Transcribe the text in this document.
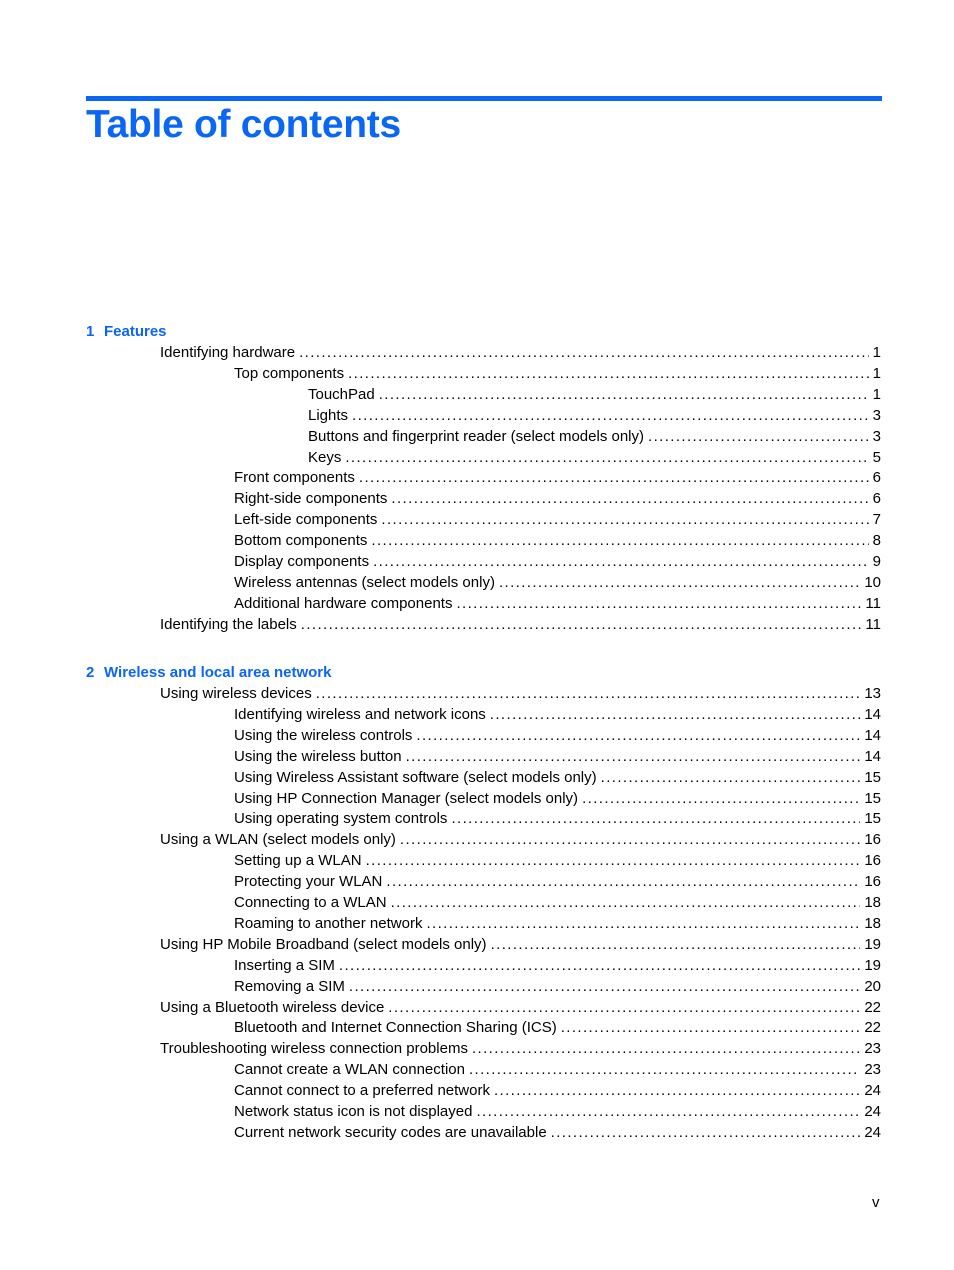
Table of contents
1 Features
Identifying hardware .....	1
Top components .....	1
TouchPad .....	1
Lights .....	3
Buttons and fingerprint reader (select models only) .....	3
Keys .....	5
Front components .....	6
Right-side components .....	6
Left-side components .....	7
Bottom components .....	8
Display components .....	9
Wireless antennas (select models only) .....	10
Additional hardware components .....	11
Identifying the labels .....	11
2 Wireless and local area network
Using wireless devices .....	13
Identifying wireless and network icons .....	14
Using the wireless controls .....	14
Using the wireless button .....	14
Using Wireless Assistant software (select models only) .....	15
Using HP Connection Manager (select models only) .....	15
Using operating system controls .....	15
Using a WLAN (select models only) .....	16
Setting up a WLAN .....	16
Protecting your WLAN .....	16
Connecting to a WLAN .....	18
Roaming to another network .....	18
Using HP Mobile Broadband (select models only) .....	19
Inserting a SIM .....	19
Removing a SIM .....	20
Using a Bluetooth wireless device .....	22
Bluetooth and Internet Connection Sharing (ICS) .....	22
Troubleshooting wireless connection problems .....	23
Cannot create a WLAN connection .....	23
Cannot connect to a preferred network .....	24
Network status icon is not displayed .....	24
Current network security codes are unavailable .....	24
v
